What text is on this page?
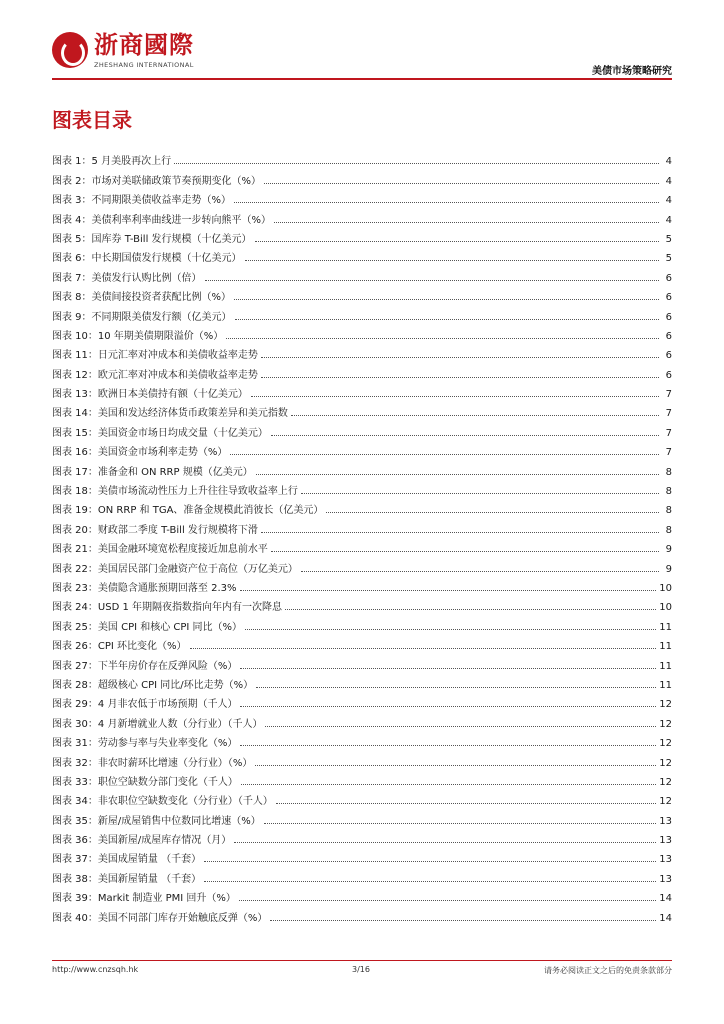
浙商國際
ZHESHANG INTERNATIONAL
美债市场策略研究
图表目录
图表 1：5 月美股再次上行	4
图表 2：市场对美联储政策节奏预期变化（%）	4
图表 3：不同期限美债收益率走势（%）	4
图表 4：美债利率利率曲线进一步转向熊平（%）	4
图表 5：国库券 T-Bill 发行规模（十亿美元）	5
图表 6：中长期国债发行规模（十亿美元）	5
图表 7：美债发行认购比例（倍）	6
图表 8：美债间接投资者获配比例（%）	6
图表 9：不同期限美债发行额（亿美元）	6
图表 10：10 年期美债期限溢价（%）	6
图表 11：日元汇率对冲成本和美债收益率走势	6
图表 12：欧元汇率对冲成本和美债收益率走势	6
图表 13：欧洲日本美债持有额（十亿美元）	7
图表 14：美国和发达经济体货币政策差异和美元指数	7
图表 15：美国资金市场日均成交量（十亿美元）	7
图表 16：美国资金市场利率走势（%）	7
图表 17：准备金和 ON RRP 规模（亿美元）	8
图表 18：美债市场流动性压力上升往往导致收益率上行	8
图表 19：ON RRP 和 TGA、准备金规模此消彼长（亿美元）	8
图表 20：财政部二季度 T-Bill 发行规模将下滑	8
图表 21：美国金融环境宽松程度接近加息前水平	9
图表 22：美国居民部门金融资产位于高位（万亿美元）	9
图表 23：美债隐含通胀预期回落至 2.3%	10
图表 24：USD 1 年期隔夜指数指向年内有一次降息	10
图表 25：美国 CPI 和核心 CPI 同比（%）	11
图表 26：CPI 环比变化（%）	11
图表 27：下半年房价存在反弹风险（%）	11
图表 28：超级核心 CPI 同比/环比走势（%）	11
图表 29：4 月非农低于市场预期（千人）	12
图表 30：4 月新增就业人数（分行业）（千人）	12
图表 31：劳动参与率与失业率变化（%）	12
图表 32：非农时薪环比增速（分行业）（%）	12
图表 33：职位空缺数分部门变化（千人）	12
图表 34：非农职位空缺数变化（分行业）（千人）	12
图表 35：新屋/成屋销售中位数同比增速（%）	13
图表 36：美国新屋/成屋库存情况（月）	13
图表 37：美国成屋销量 （千套）	13
图表 38：美国新屋销量 （千套）	13
图表 39：Markit 制造业 PMI 回升（%）	14
图表 40：美国不同部门库存开始触底反弹（%）	14
http://www.cnzsqh.hk	3/16	请务必阅读正文之后的免责条款部分
